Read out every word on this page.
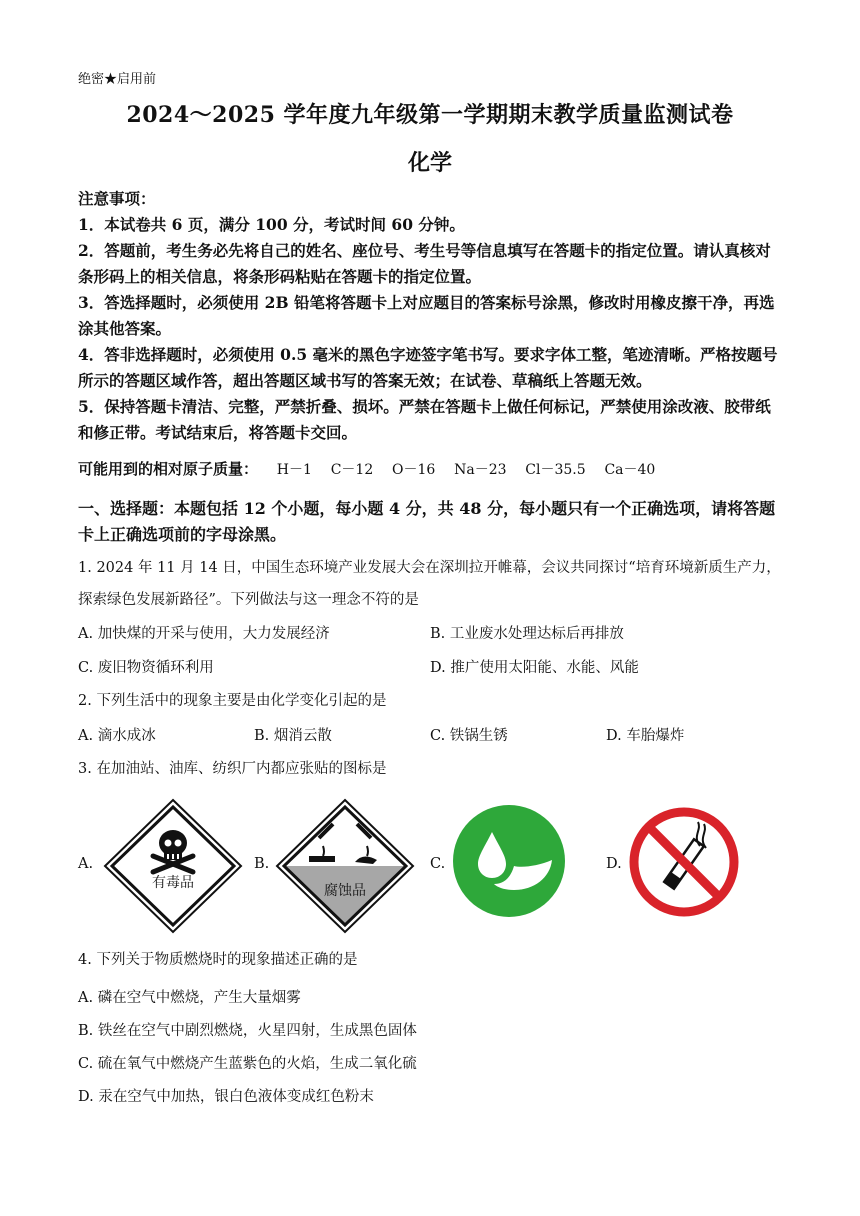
绝密★启用前
2024～2025 学年度九年级第一学期期末教学质量监测试卷
化学
注意事项：
1．本试卷共 6 页，满分 100 分，考试时间 60 分钟。
2．答题前，考生务必先将自己的姓名、座位号、考生号等信息填写在答题卡的指定位置。请认真核对条形码上的相关信息，将条形码粘贴在答题卡的指定位置。
3．答选择题时，必须使用 2B 铅笔将答题卡上对应题目的答案标号涂黑，修改时用橡皮擦干净，再选涂其他答案。
4．答非选择题时，必须使用 0.5 毫米的黑色字迹签字笔书写。要求字体工整，笔迹清晰。严格按题号所示的答题区域作答，超出答题区域书写的答案无效；在试卷、草稿纸上答题无效。
5．保持答题卡清洁、完整，严禁折叠、损坏。严禁在答题卡上做任何标记，严禁使用涂改液、胶带纸和修正带。考试结束后，将答题卡交回。
可能用到的相对原子质量： H－1 C－12 O－16 Na－23 Cl－35.5 Ca－40
一、选择题：本题包括 12 个小题，每小题 4 分，共 48 分，每小题只有一个正确选项，请将答题卡上正确选项前的字母涂黑。
1. 2024 年 11 月 14 日，中国生态环境产业发展大会在深圳拉开帷幕，会议共同探讨“培育环境新质生产力，探索绿色发展新路径”。下列做法与这一理念不符的是
A. 加快煤的开采与使用，大力发展经济	B. 工业废水处理达标后再排放
C. 废旧物资循环利用	D. 推广使用太阳能、水能、风能
2. 下列生活中的现象主要是由化学变化引起的是
A. 滴水成冰	B. 烟消云散	C. 铁锅生锈	D. 车胎爆炸
3. 在加油站、油库、纺织厂内都应张贴的图标是
A.
有毒品
B.
腐蚀品
C.	D.
4. 下列关于物质燃烧时的现象描述正确的是
A. 磷在空气中燃烧，产生大量烟雾
B. 铁丝在空气中剧烈燃烧，火星四射，生成黑色固体
C. 硫在氧气中燃烧产生蓝紫色的火焰，生成二氧化硫
D. 汞在空气中加热，银白色液体变成红色粉末
